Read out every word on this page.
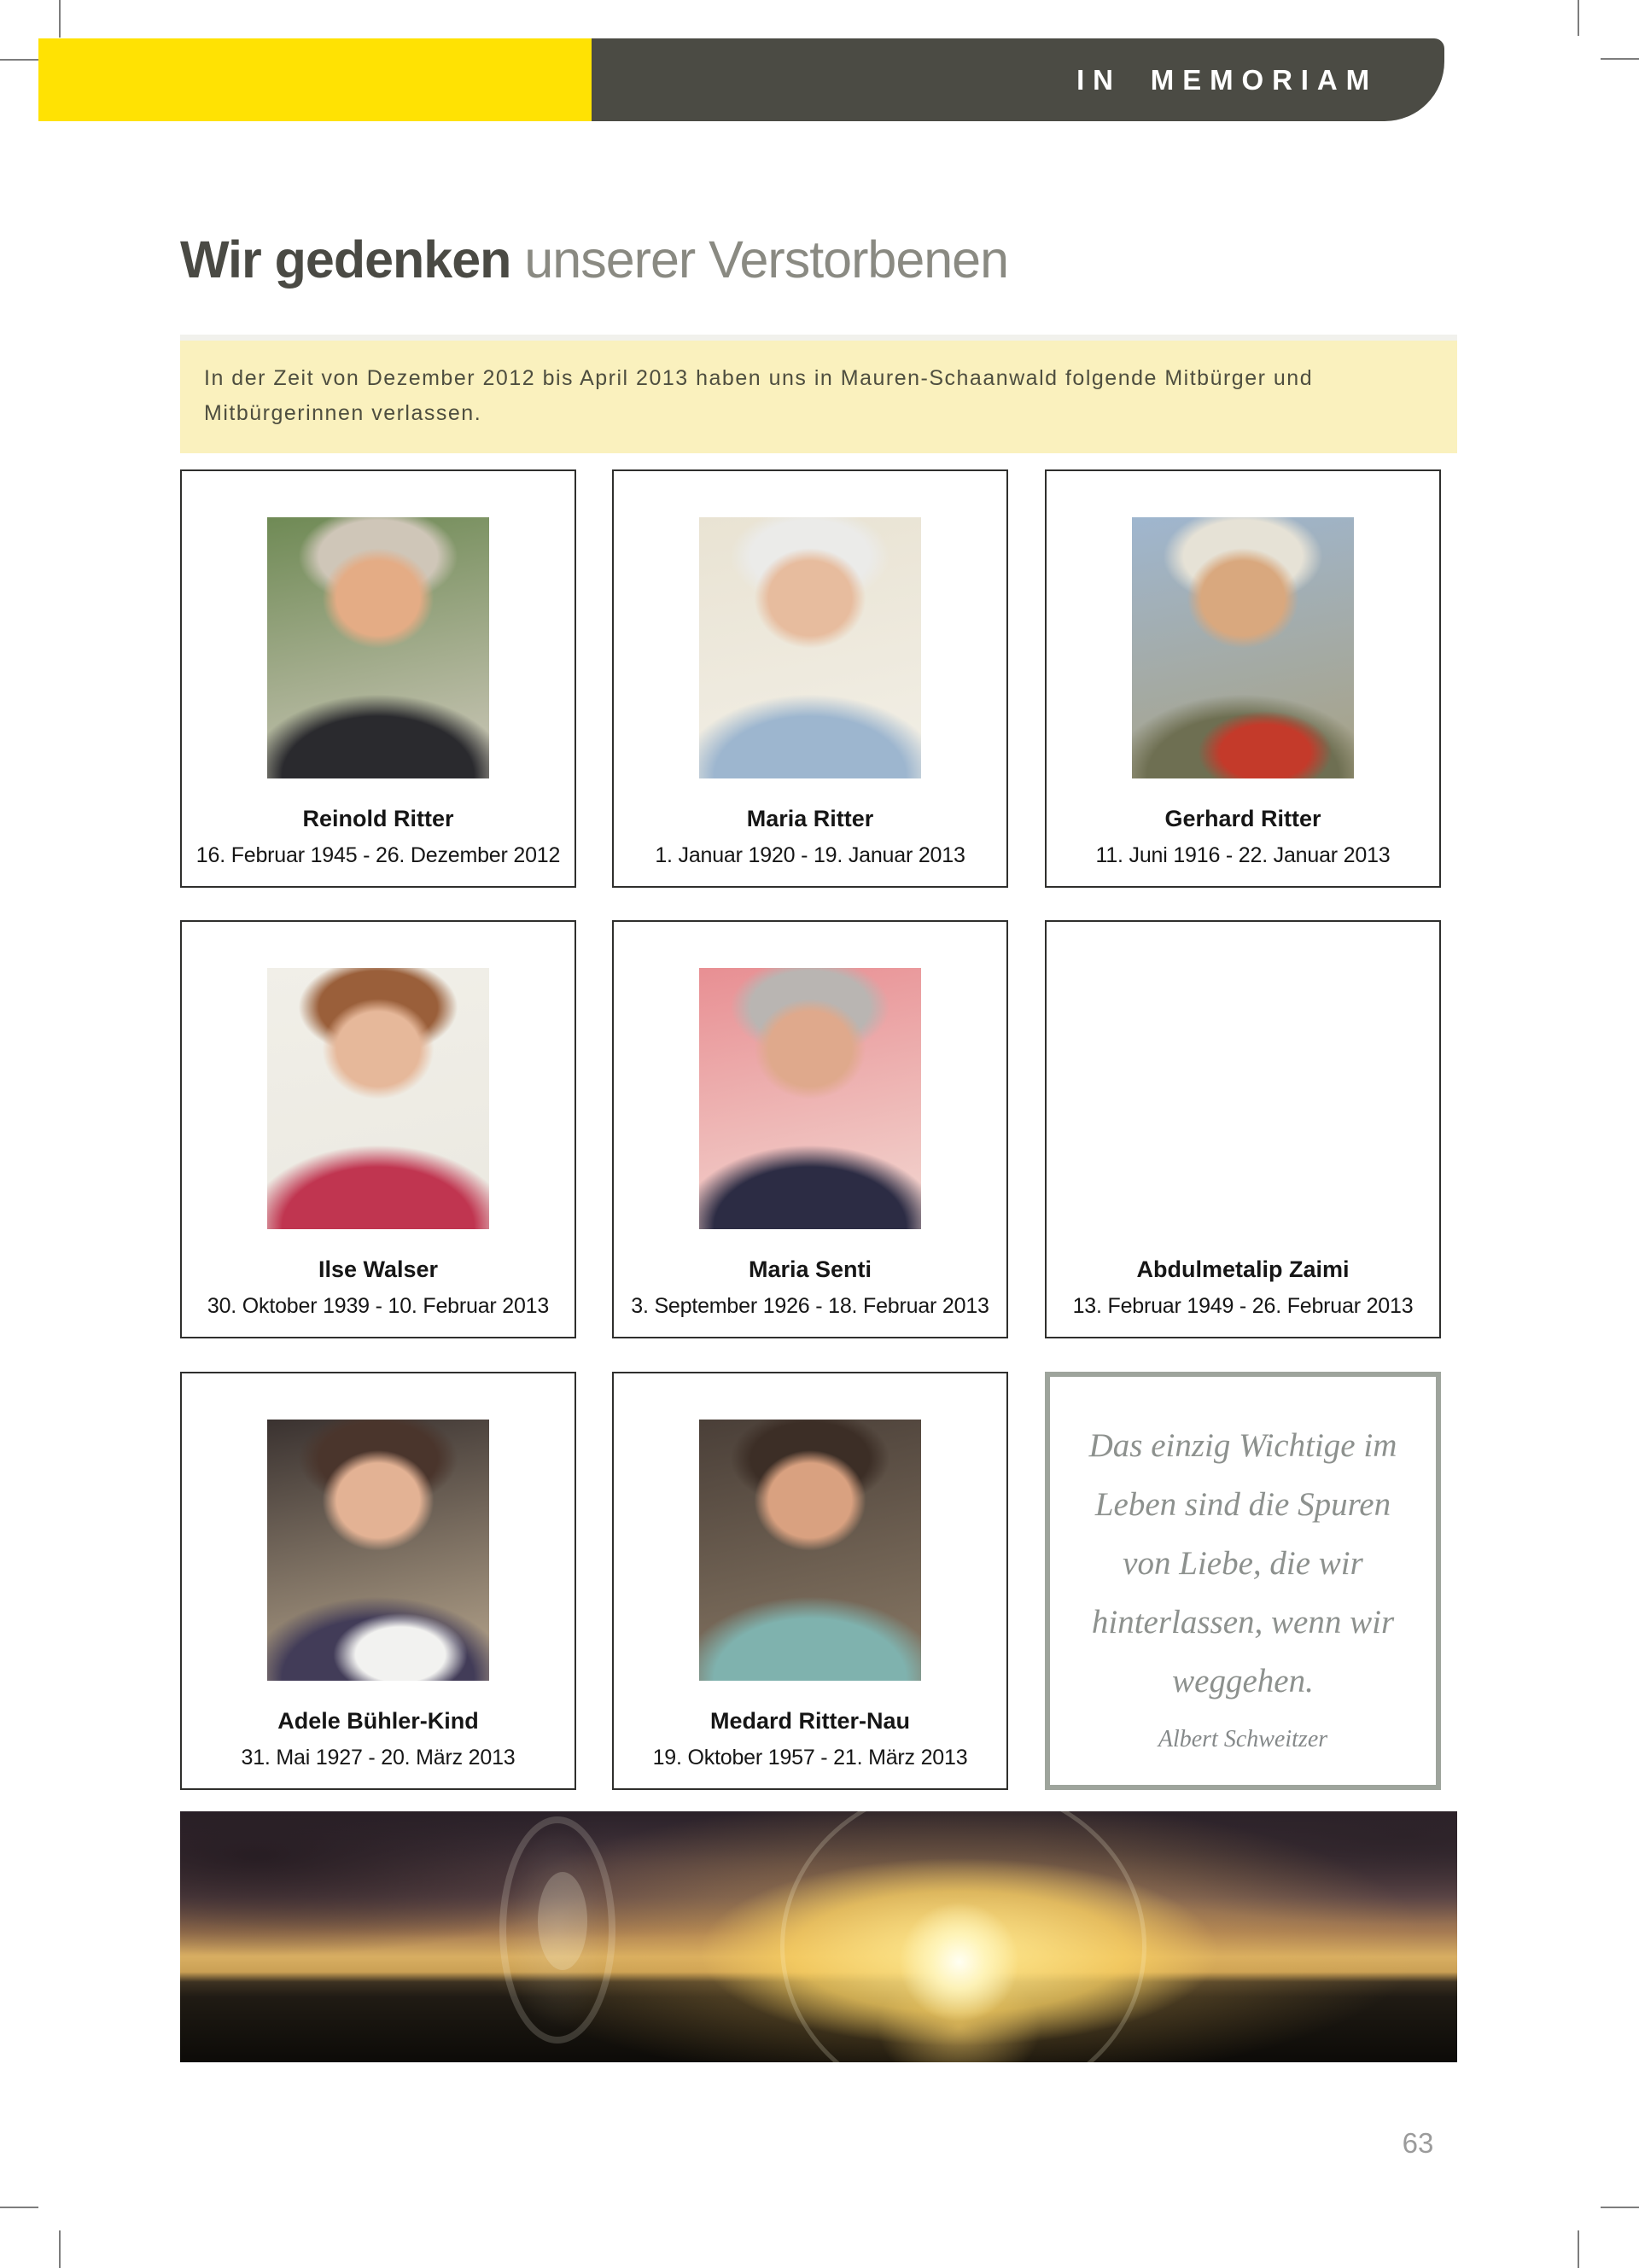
IN MEMORIAM
Wir gedenken unserer Verstorbenen
In der Zeit von Dezember 2012 bis April 2013 haben uns in Mauren-Schaanwald folgende Mitbürger und Mitbürgerinnen verlassen.
Reinold Ritter
16. Februar 1945 - 26. Dezember 2012
Maria Ritter
1. Januar 1920 - 19. Januar 2013
Gerhard Ritter
11. Juni 1916 - 22. Januar 2013
Ilse Walser
30. Oktober 1939 - 10. Februar 2013
Maria Senti
3. September 1926 - 18. Februar 2013
Abdulmetalip Zaimi
13. Februar 1949 - 26. Februar 2013
Adele Bühler-Kind
31. Mai 1927 - 20. März 2013
Medard Ritter-Nau
19. Oktober 1957 - 21. März 2013
Das einzig Wichtige im
Leben sind die Spuren
von Liebe, die wir
hinterlassen, wenn wir
weggehen.
Albert Schweitzer
63
